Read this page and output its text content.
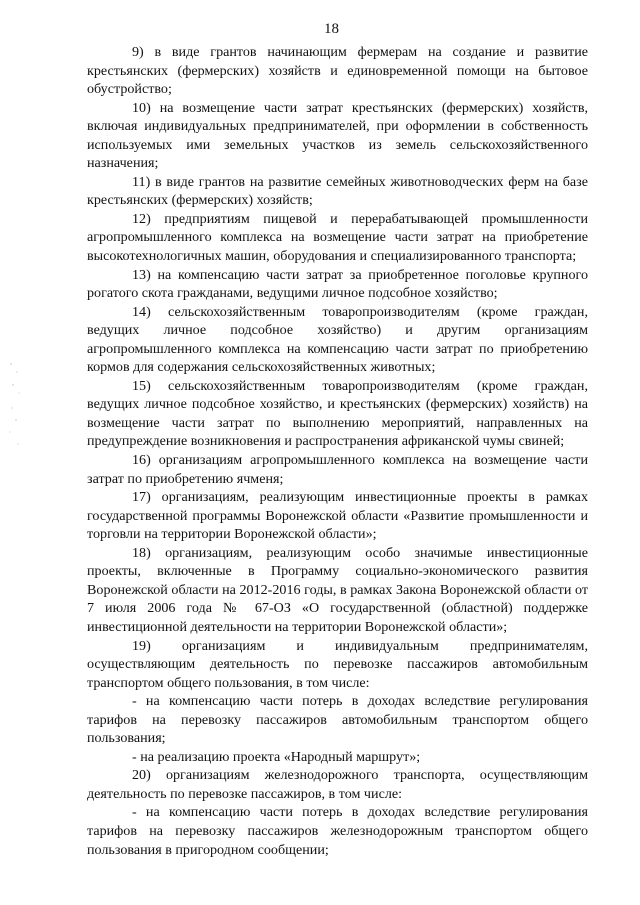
18

9) в виде грантов начинающим фермерам на создание и развитие крестьянских (фермерских) хозяйств и единовременной помощи на бытовое обустройство;

10) на возмещение части затрат крестьянских (фермерских) хозяйств, включая индивидуальных предпринимателей, при оформлении в собственность используемых ими земельных участков из земель сельскохозяйственного назначения;

11) в виде грантов на развитие семейных животноводческих ферм на базе крестьянских (фермерских) хозяйств;

12) предприятиям пищевой и перерабатывающей промышленности агропромышленного комплекса на возмещение части затрат на приобретение высокотехнологичных машин, оборудования и специализированного транспорта;

13) на компенсацию части затрат за приобретенное поголовье крупного рогатого скота гражданами, ведущими личное подсобное хозяйство;

14) сельскохозяйственным товаропроизводителям (кроме граждан, ведущих личное подсобное хозяйство) и другим организациям агропромышленного комплекса на компенсацию части затрат по приобретению кормов для содержания сельскохозяйственных животных;

15) сельскохозяйственным товаропроизводителям (кроме граждан, ведущих личное подсобное хозяйство, и крестьянских (фермерских) хозяйств) на возмещение части затрат по выполнению мероприятий, направленных на предупреждение возникновения и распространения африканской чумы свиней;

16) организациям агропромышленного комплекса на возмещение части затрат по приобретению ячменя;

17) организациям, реализующим инвестиционные проекты в рамках государственной программы Воронежской области «Развитие промышленности и торговли на территории Воронежской области»;

18) организациям, реализующим особо значимые инвестиционные проекты, включенные в Программу социально-экономического развития Воронежской области на 2012-2016 годы, в рамках Закона Воронежской области от 7 июля 2006 года № 67-ОЗ «О государственной (областной) поддержке инвестиционной деятельности на территории Воронежской области»;

19) организациям и индивидуальным предпринимателям, осуществляющим деятельность по перевозке пассажиров автомобильным транспортом общего пользования, в том числе:

- на компенсацию части потерь в доходах вследствие регулирования тарифов на перевозку пассажиров автомобильным транспортом общего пользования;

- на реализацию проекта «Народный маршрут»;

20) организациям железнодорожного транспорта, осуществляющим деятельность по перевозке пассажиров, в том числе:

- на компенсацию части потерь в доходах вследствие регулирования тарифов на перевозку пассажиров железнодорожным транспортом общего пользования в пригородном сообщении;
